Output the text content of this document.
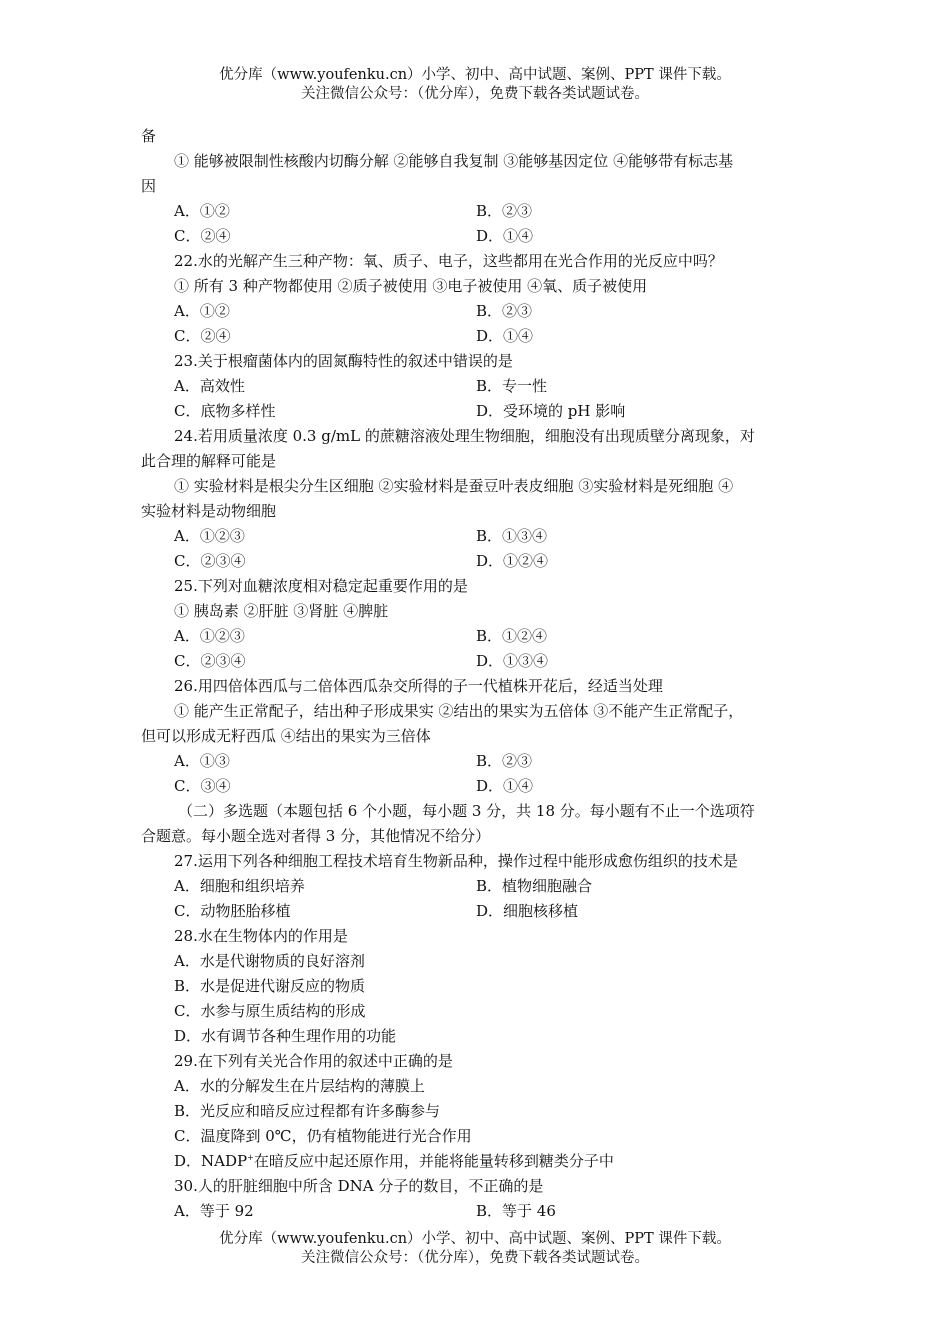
优分库（www.youfenku.cn）小学、初中、高中试题、案例、PPT 课件下载。
关注微信公众号：（优分库），免费下载各类试题试卷。
备
① 能够被限制性核酸内切酶分解 ②能够自我复制 ③能够基因定位 ④能够带有标志基
因
A．①②	B．②③
C．②④	D．①④
22.水的光解产生三种产物：氧、质子、电子，这些都用在光合作用的光反应中吗？
① 所有 3 种产物都使用 ②质子被使用 ③电子被使用 ④氧、质子被使用
A．①②	B．②③
C．②④	D．①④
23.关于根瘤菌体内的固氮酶特性的叙述中错误的是
A．高效性	B．专一性
C．底物多样性	D．受环境的 pH 影响
24.若用质量浓度 0.3 g/mL 的蔗糖溶液处理生物细胞，细胞没有出现质壁分离现象，对
此合理的解释可能是
① 实验材料是根尖分生区细胞 ②实验材料是蚕豆叶表皮细胞 ③实验材料是死细胞 ④
实验材料是动物细胞
A．①②③	B．①③④
C．②③④	D．①②④
25.下列对血糖浓度相对稳定起重要作用的是
① 胰岛素 ②肝脏 ③肾脏 ④脾脏
A．①②③	B．①②④
C．②③④	D．①③④
26.用四倍体西瓜与二倍体西瓜杂交所得的子一代植株开花后，经适当处理
① 能产生正常配子，结出种子形成果实 ②结出的果实为五倍体 ③不能产生正常配子，
但可以形成无籽西瓜 ④结出的果实为三倍体
A．①③	B．②③
C．③④	D．①④
（二）多选题（本题包括 6 个小题，每小题 3 分，共 18 分。每小题有不止一个选项符
合题意。每小题全选对者得 3 分，其他情况不给分）
27.运用下列各种细胞工程技术培育生物新品种，操作过程中能形成愈伤组织的技术是
A．细胞和组织培养	B．植物细胞融合
C．动物胚胎移植	D．细胞核移植
28.水在生物体内的作用是
A．水是代谢物质的良好溶剂
B．水是促进代谢反应的物质
C．水参与原生质结构的形成
D．水有调节各种生理作用的功能
29.在下列有关光合作用的叙述中正确的是
A．水的分解发生在片层结构的薄膜上
B．光反应和暗反应过程都有许多酶参与
C．温度降到 0℃，仍有植物能进行光合作用
D．NADP+在暗反应中起还原作用，并能将能量转移到糖类分子中
30.人的肝脏细胞中所含 DNA 分子的数目，不正确的是
A．等于 92	B．等于 46
优分库（www.youfenku.cn）小学、初中、高中试题、案例、PPT 课件下载。
关注微信公众号：（优分库），免费下载各类试题试卷。
